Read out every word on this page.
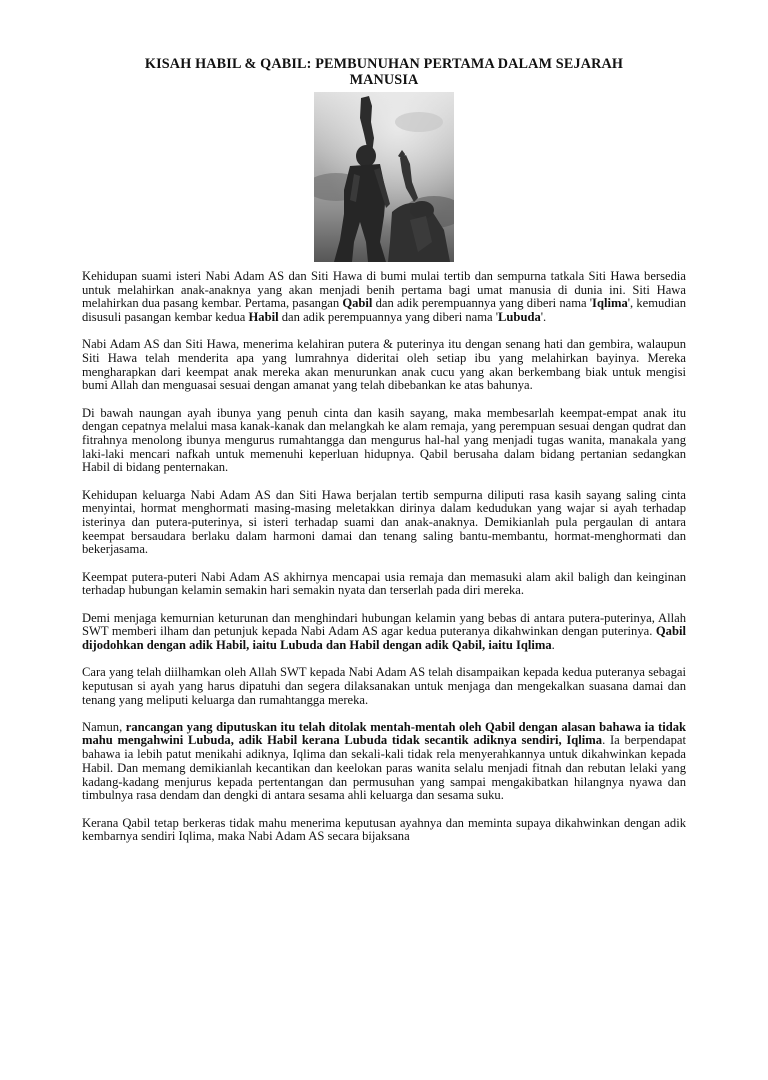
KISAH HABIL & QABIL: PEMBUNUHAN PERTAMA DALAM SEJARAH
MANUSIA

Kehidupan suami isteri Nabi Adam AS dan Siti Hawa di bumi mulai tertib dan sempurna tatkala Siti Hawa bersedia untuk melahirkan anak-anaknya yang akan menjadi benih pertama bagi umat manusia di dunia ini. Siti Hawa melahirkan dua pasang kembar. Pertama, pasangan Qabil dan adik perempuannya yang diberi nama 'Iqlima', kemudian disusuli pasangan kembar kedua Habil dan adik perempuannya yang diberi nama 'Lubuda'.

Nabi Adam AS dan Siti Hawa, menerima kelahiran putera & puterinya itu dengan senang hati dan gembira, walaupun Siti Hawa telah menderita apa yang lumrahnya dideritai oleh setiap ibu yang melahirkan bayinya. Mereka mengharapkan dari keempat anak mereka akan menurunkan anak cucu yang akan berkembang biak untuk mengisi bumi Allah dan menguasai sesuai dengan amanat yang telah dibebankan ke atas bahunya.

Di bawah naungan ayah ibunya yang penuh cinta dan kasih sayang, maka membesarlah keempat-empat anak itu dengan cepatnya melalui masa kanak-kanak dan melangkah ke alam remaja, yang perempuan sesuai dengan qudrat dan fitrahnya menolong ibunya mengurus rumahtangga dan mengurus hal-hal yang menjadi tugas wanita, manakala yang laki-laki mencari nafkah untuk memenuhi keperluan hidupnya. Qabil berusaha dalam bidang pertanian sedangkan Habil di bidang penternakan.

Kehidupan keluarga Nabi Adam AS dan Siti Hawa berjalan tertib sempurna diliputi rasa kasih sayang saling cinta menyintai, hormat menghormati masing-masing meletakkan dirinya dalam kedudukan yang wajar si ayah terhadap isterinya dan putera-puterinya, si isteri terhadap suami dan anak-anaknya. Demikianlah pula pergaulan di antara keempat bersaudara berlaku dalam harmoni damai dan tenang saling bantu-membantu, hormat-menghormati dan bekerjasama.

Keempat putera-puteri Nabi Adam AS akhirnya mencapai usia remaja dan memasuki alam akil baligh dan keinginan terhadap hubungan kelamin semakin hari semakin nyata dan terserlah pada diri mereka.

Demi menjaga kemurnian keturunan dan menghindari hubungan kelamin yang bebas di antara putera-puterinya, Allah SWT memberi ilham dan petunjuk kepada Nabi Adam AS agar kedua puteranya dikahwinkan dengan puterinya. Qabil dijodohkan dengan adik Habil, iaitu Lubuda dan Habil dengan adik Qabil, iaitu Iqlima.

Cara yang telah diilhamkan oleh Allah SWT kepada Nabi Adam AS telah disampaikan kepada kedua puteranya sebagai keputusan si ayah yang harus dipatuhi dan segera dilaksanakan untuk menjaga dan mengekalkan suasana damai dan tenang yang meliputi keluarga dan rumahtangga mereka.

Namun, rancangan yang diputuskan itu telah ditolak mentah-mentah oleh Qabil dengan alasan bahawa ia tidak mahu mengahwini Lubuda, adik Habil kerana Lubuda tidak secantik adiknya sendiri, Iqlima. Ia berpendapat bahawa ia lebih patut menikahi adiknya, Iqlima dan sekali-kali tidak rela menyerahkannya untuk dikahwinkan kepada Habil. Dan memang demikianlah kecantikan dan keelokan paras wanita selalu menjadi fitnah dan rebutan lelaki yang kadang-kadang menjurus kepada pertentangan dan permusuhan yang sampai mengakibatkan hilangnya nyawa dan timbulnya rasa dendam dan dengki di antara sesama ahli keluarga dan sesama suku.

Kerana Qabil tetap berkeras tidak mahu menerima keputusan ayahnya dan meminta supaya dikahwinkan dengan adik kembarnya sendiri Iqlima, maka Nabi Adam AS secara bijaksana
